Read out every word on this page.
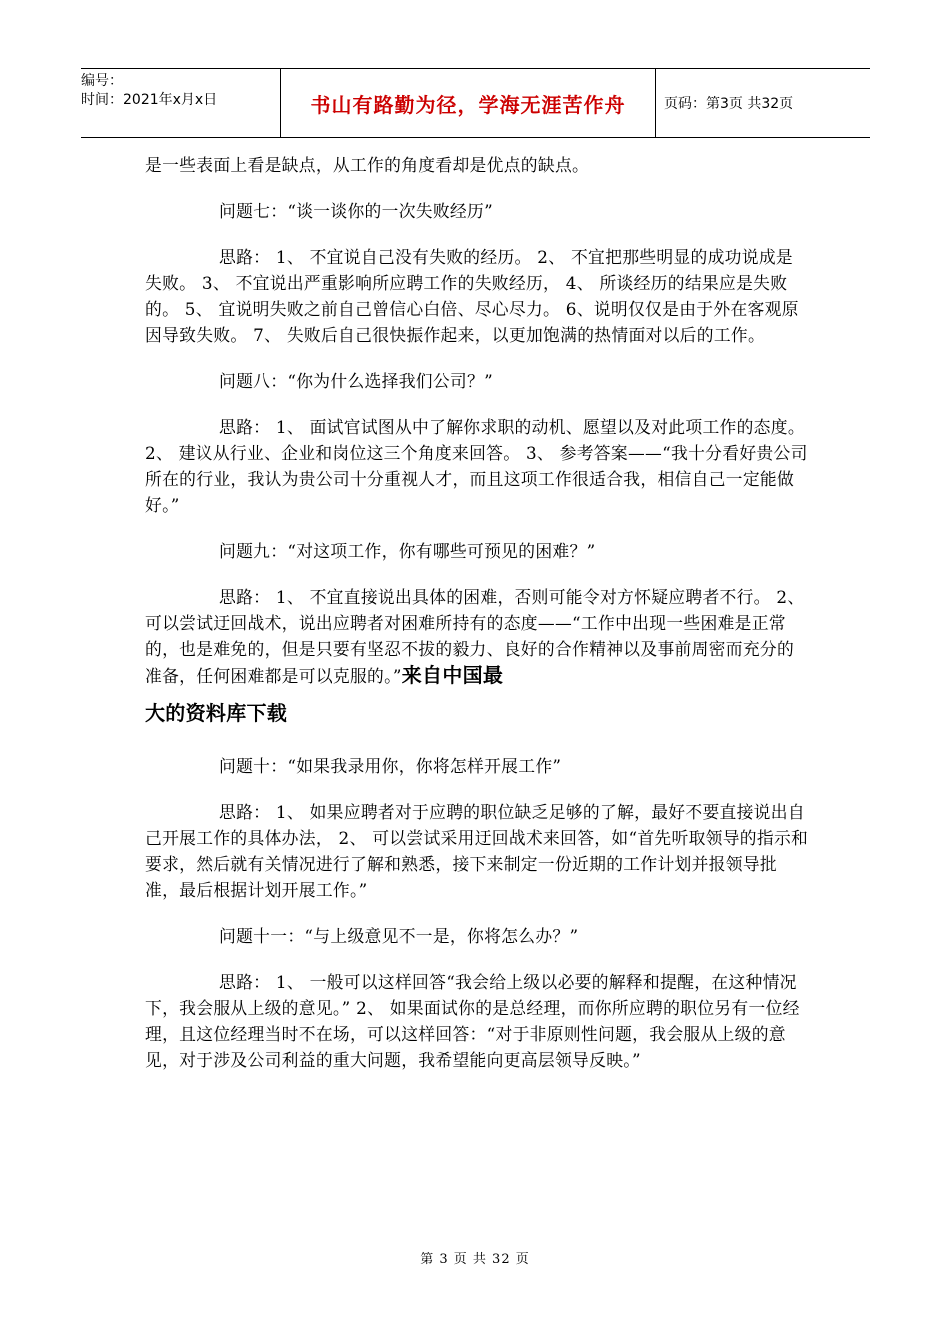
编号：
时间：2021年x月x日	书山有路勤为径，学海无涯苦作舟	页码：第3页 共32页

是一些表面上看是缺点，从工作的角度看却是优点的缺点。

问题七：“谈一谈你的一次失败经历”

思路： 1、 不宜说自己没有失败的经历。 2、 不宜把那些明显的成功说成是失败。 3、 不宜说出严重影响所应聘工作的失败经历， 4、 所谈经历的结果应是失败的。 5、 宜说明失败之前自己曾信心白倍、尽心尽力。 6、说明仅仅是由于外在客观原因导致失败。 7、 失败后自己很快振作起来，以更加饱满的热情面对以后的工作。

问题八：“你为什么选择我们公司？”

思路： 1、 面试官试图从中了解你求职的动机、愿望以及对此项工作的态度。 2、 建议从行业、企业和岗位这三个角度来回答。 3、 参考答案——“我十分看好贵公司所在的行业，我认为贵公司十分重视人才，而且这项工作很适合我，相信自己一定能做好。”

问题九：“对这项工作，你有哪些可预见的困难？”

思路： 1、 不宜直接说出具体的困难，否则可能令对方怀疑应聘者不行。 2、 可以尝试迂回战术，说出应聘者对困难所持有的态度——“工作中出现一些困难是正常的，也是难免的，但是只要有坚忍不拔的毅力、良好的合作精神以及事前周密而充分的准备，任何困难都是可以克服的。”来自中国最

大的资料库下载

问题十：“如果我录用你，你将怎样开展工作”

思路： 1、 如果应聘者对于应聘的职位缺乏足够的了解，最好不要直接说出自己开展工作的具体办法， 2、 可以尝试采用迂回战术来回答，如“首先听取领导的指示和要求，然后就有关情况进行了解和熟悉，接下来制定一份近期的工作计划并报领导批准，最后根据计划开展工作。”

问题十一：“与上级意见不一是，你将怎么办？”

思路： 1、 一般可以这样回答“我会给上级以必要的解释和提醒，在这种情况下，我会服从上级的意见。” 2、 如果面试你的是总经理，而你所应聘的职位另有一位经理，且这位经理当时不在场，可以这样回答：“对于非原则性问题，我会服从上级的意见，对于涉及公司利益的重大问题，我希望能向更高层领导反映。”

第 3 页 共 32 页
